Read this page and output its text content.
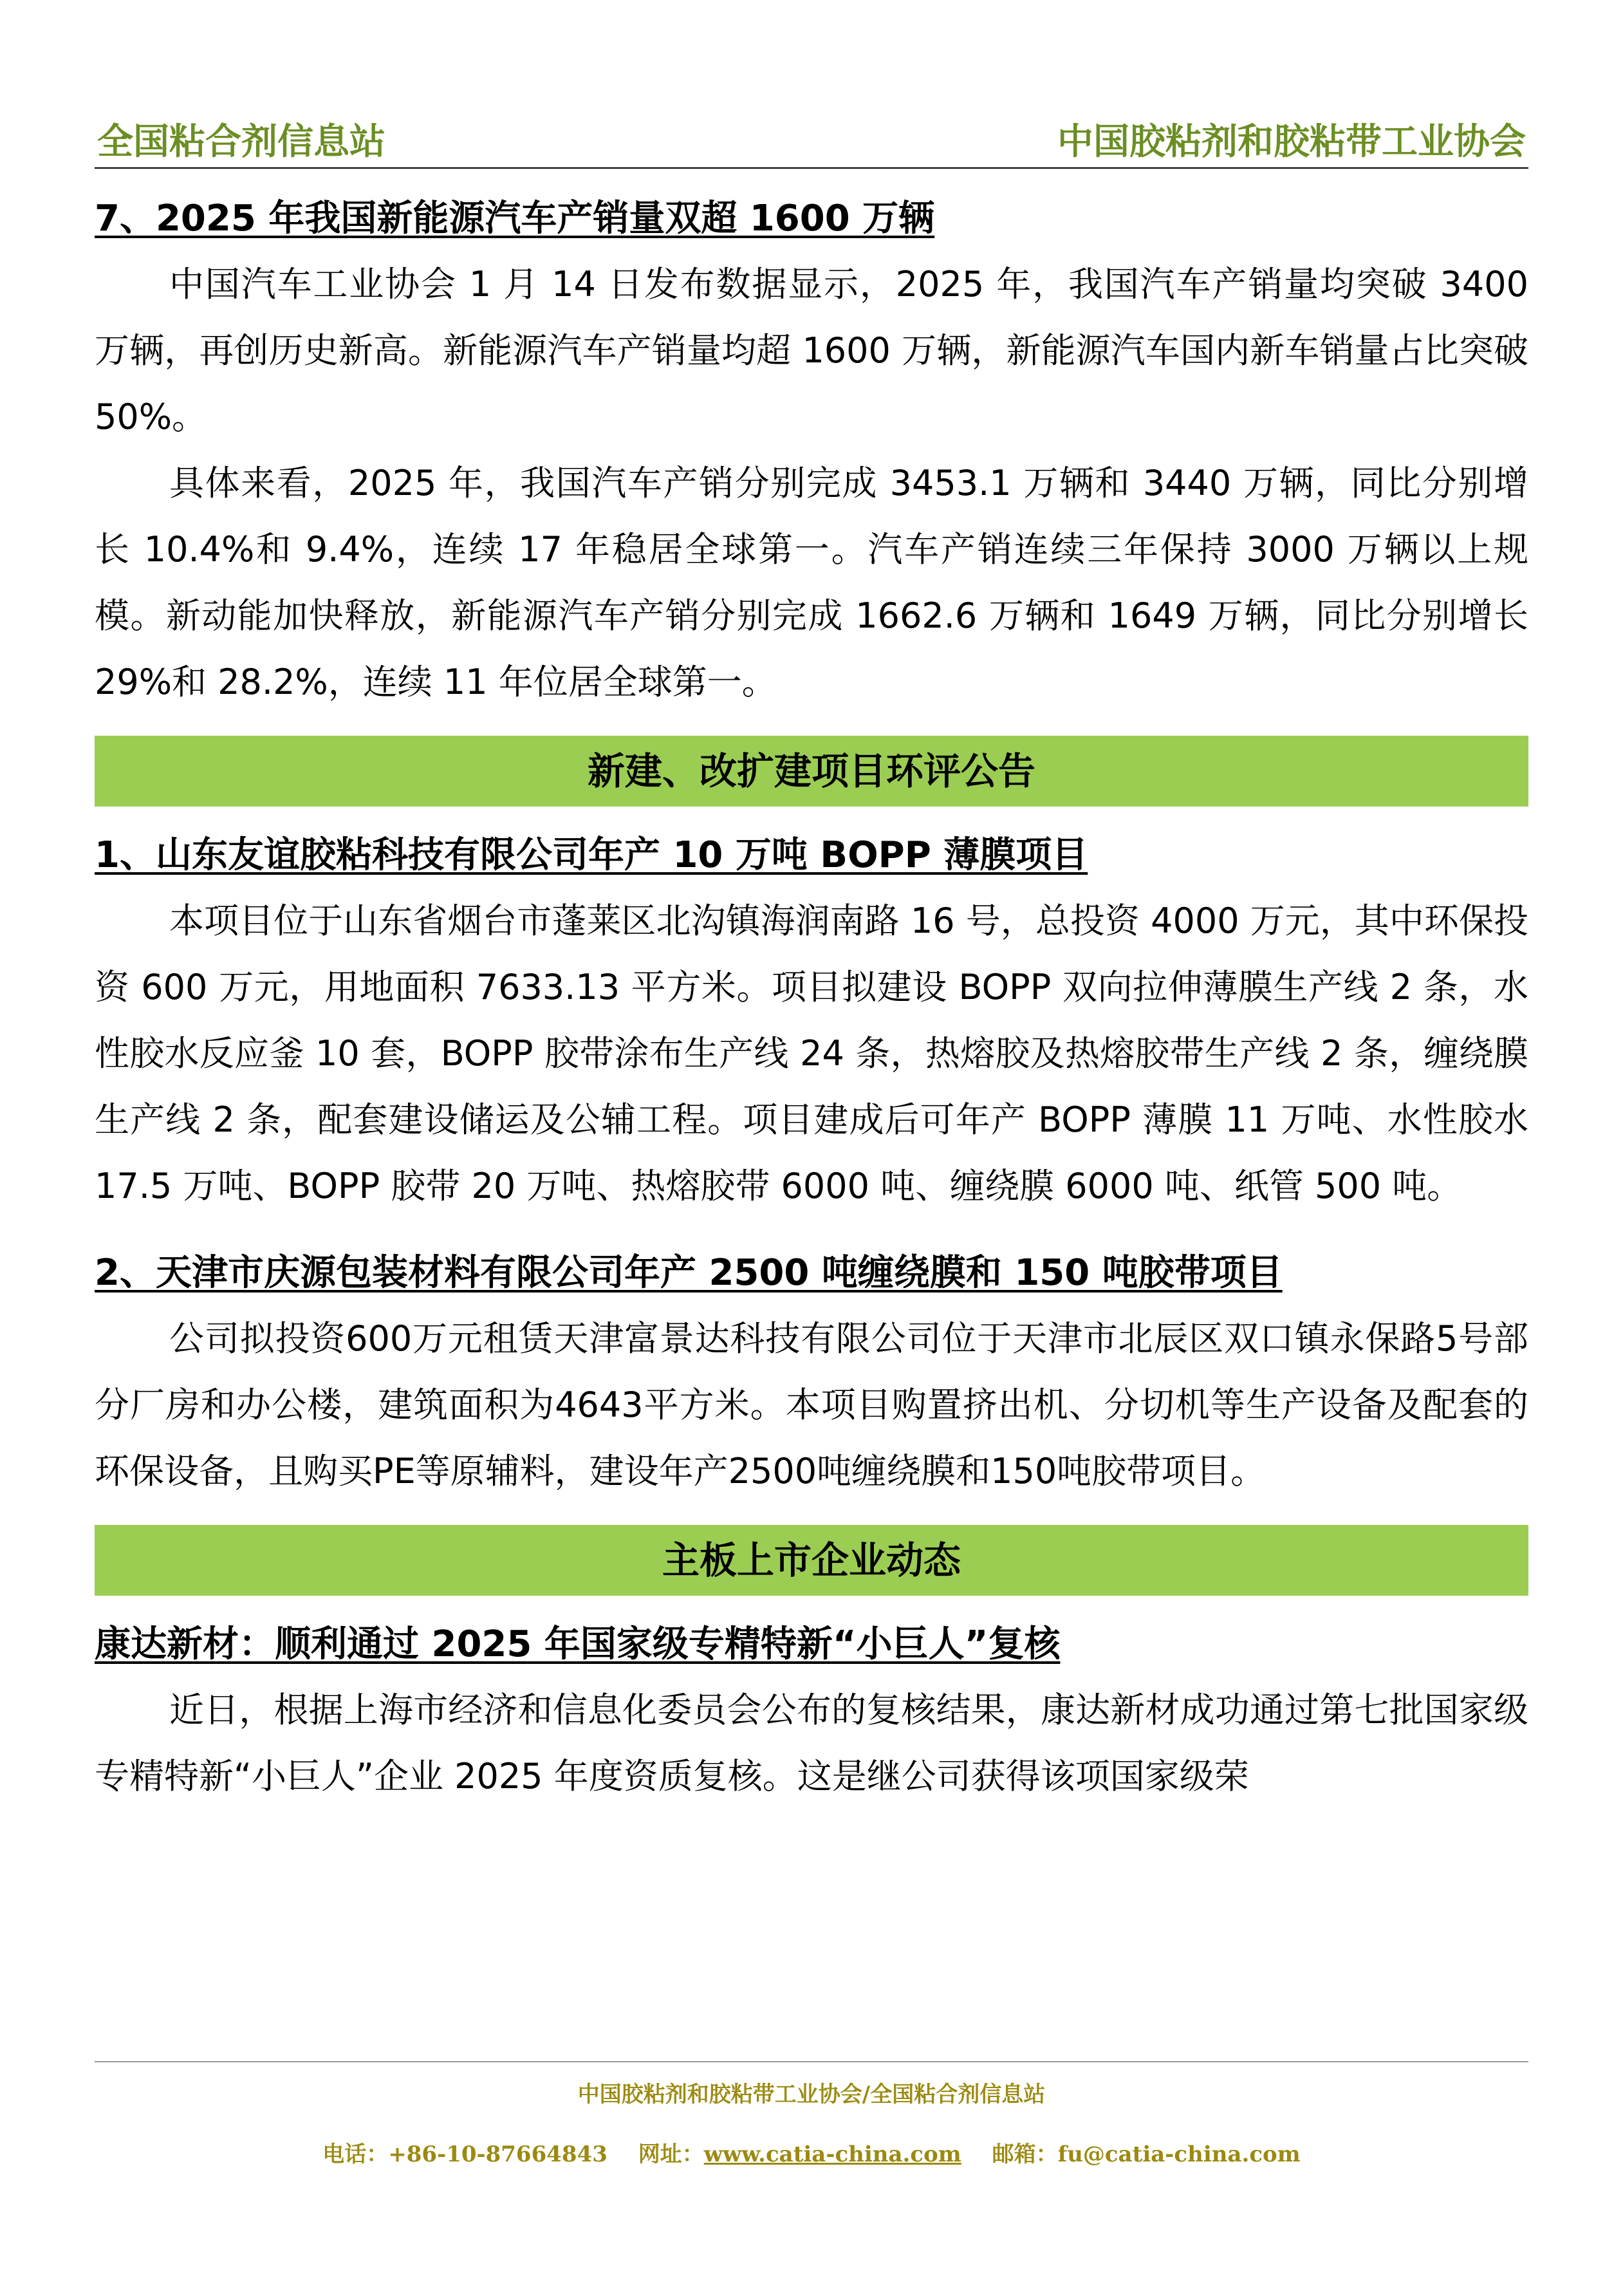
全国粘合剂信息站	中国胶粘剂和胶粘带工业协会
7、2025 年我国新能源汽车产销量双超 1600 万辆

中国汽车工业协会 1 月 14 日发布数据显示，2025 年，我国汽车产销量均突破 3400 万辆，再创历史新高。新能源汽车产销量均超 1600 万辆，新能源汽车国内新车销量占比突破 50%。

具体来看，2025 年，我国汽车产销分别完成 3453.1 万辆和 3440 万辆，同比分别增长 10.4%和 9.4%，连续 17 年稳居全球第一。汽车产销连续三年保持 3000 万辆以上规模。新动能加快释放，新能源汽车产销分别完成 1662.6 万辆和 1649 万辆，同比分别增长 29%和 28.2%，连续 11 年位居全球第一。

新建、改扩建项目环评公告
1、山东友谊胶粘科技有限公司年产 10 万吨 BOPP 薄膜项目

本项目位于山东省烟台市蓬莱区北沟镇海润南路 16 号，总投资 4000 万元，其中环保投资 600 万元，用地面积 7633.13 平方米。项目拟建设 BOPP 双向拉伸薄膜生产线 2 条，水性胶水反应釜 10 套，BOPP 胶带涂布生产线 24 条，热熔胶及热熔胶带生产线 2 条，缠绕膜生产线 2 条，配套建设储运及公辅工程。项目建成后可年产 BOPP 薄膜 11 万吨、水性胶水 17.5 万吨、BOPP 胶带 20 万吨、热熔胶带 6000 吨、缠绕膜 6000 吨、纸管 500 吨。

2、天津市庆源包装材料有限公司年产 2500 吨缠绕膜和 150 吨胶带项目

公司拟投资600万元租赁天津富景达科技有限公司位于天津市北辰区双口镇永保路5号部分厂房和办公楼，建筑面积为4643平方米。本项目购置挤出机、分切机等生产设备及配套的环保设备，且购买PE等原辅料，建设年产2500吨缠绕膜和150吨胶带项目。

主板上市企业动态
康达新材：顺利通过 2025 年国家级专精特新“小巨人”复核

近日，根据上海市经济和信息化委员会公布的复核结果，康达新材成功通过第七批国家级专精特新“小巨人”企业 2025 年度资质复核。这是继公司获得该项国家级荣

中国胶粘剂和胶粘带工业协会/全国粘合剂信息站
电话：+86-10-87664843 网址：www.catia-china.com 邮箱：fu@catia-china.com
